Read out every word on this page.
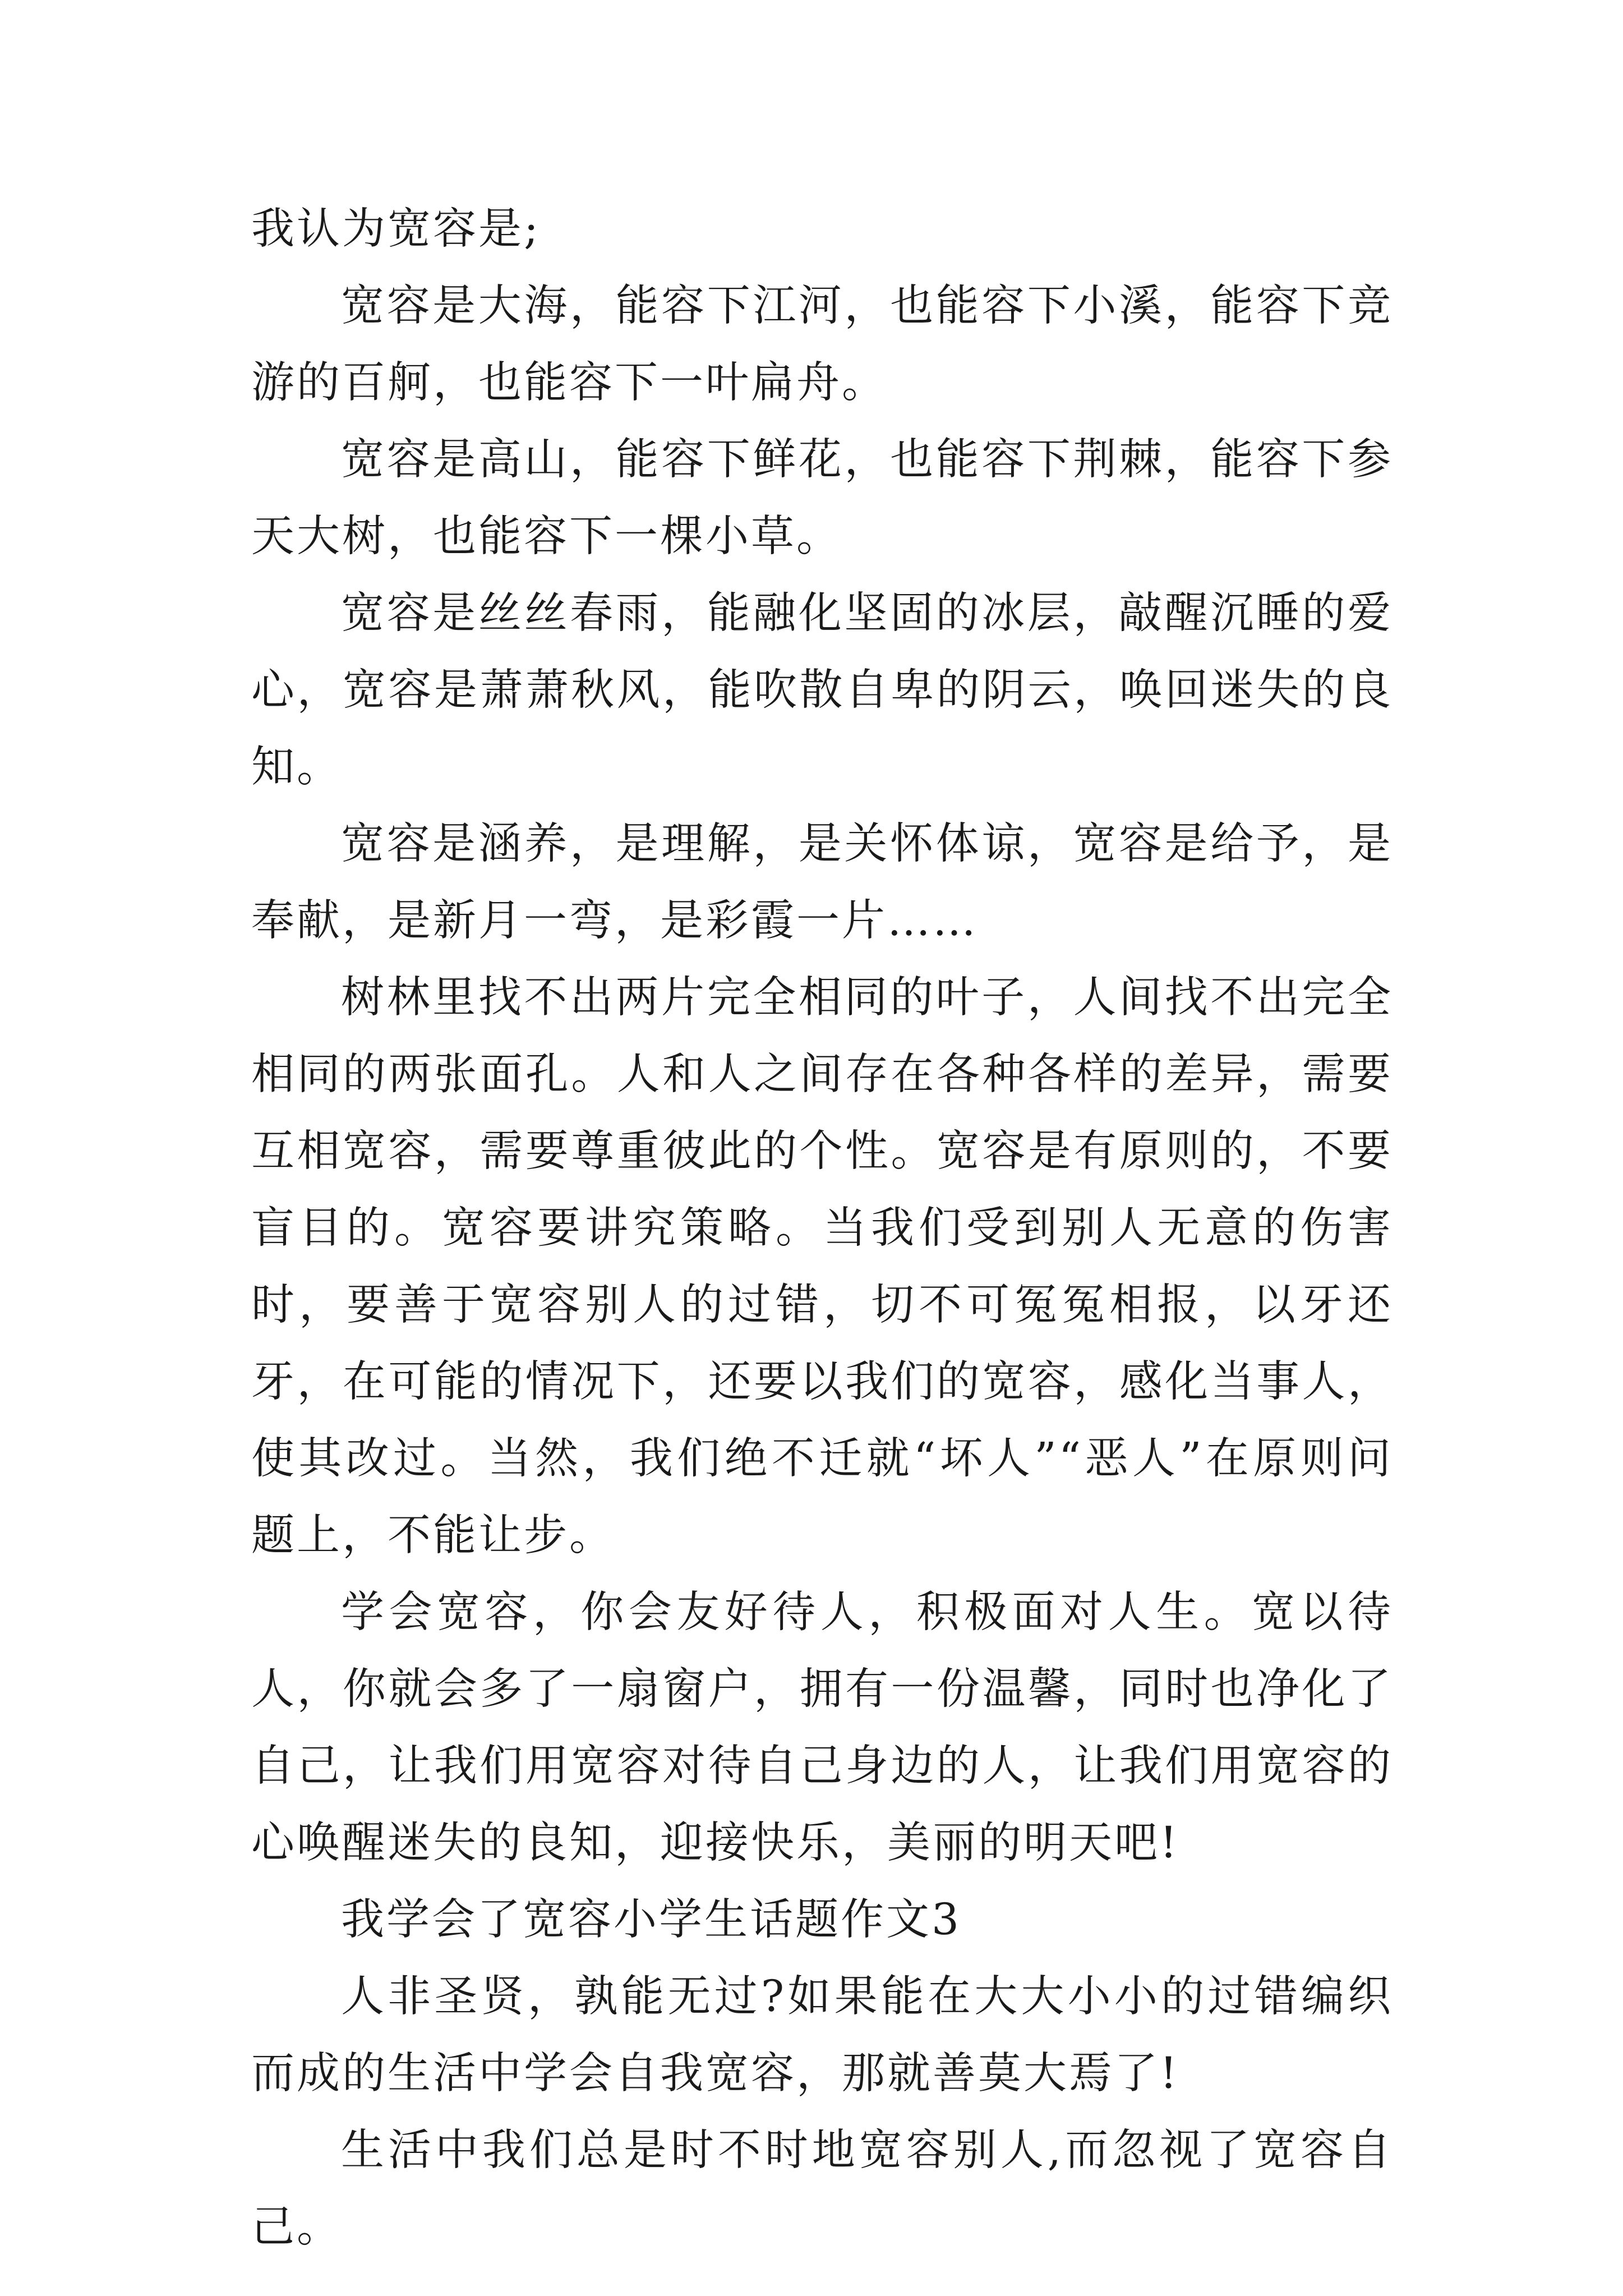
我认为宽容是;

宽容是大海，能容下江河，也能容下小溪，能容下竞游的百舸，也能容下一叶扁舟。

宽容是高山，能容下鲜花，也能容下荆棘，能容下参天大树，也能容下一棵小草。

宽容是丝丝春雨，能融化坚固的冰层，敲醒沉睡的爱心，宽容是萧萧秋风，能吹散自卑的阴云，唤回迷失的良知。

宽容是涵养，是理解，是关怀体谅，宽容是给予，是奉献，是新月一弯，是彩霞一片……

树林里找不出两片完全相同的叶子，人间找不出完全相同的两张面孔。人和人之间存在各种各样的差异，需要互相宽容，需要尊重彼此的个性。宽容是有原则的，不要盲目的。宽容要讲究策略。当我们受到别人无意的伤害时，要善于宽容别人的过错，切不可冤冤相报，以牙还牙，在可能的情况下，还要以我们的宽容，感化当事人，使其改过。当然，我们绝不迁就“坏人”“恶人”在原则问题上，不能让步。

学会宽容，你会友好待人，积极面对人生。宽以待人，你就会多了一扇窗户，拥有一份温馨，同时也净化了自己，让我们用宽容对待自己身边的人，让我们用宽容的心唤醒迷失的良知，迎接快乐，美丽的明天吧!

我学会了宽容小学生话题作文3

人非圣贤，孰能无过?如果能在大大小小的过错编织而成的生活中学会自我宽容，那就善莫大焉了!

生活中我们总是时不时地宽容别人,而忽视了宽容自己。
